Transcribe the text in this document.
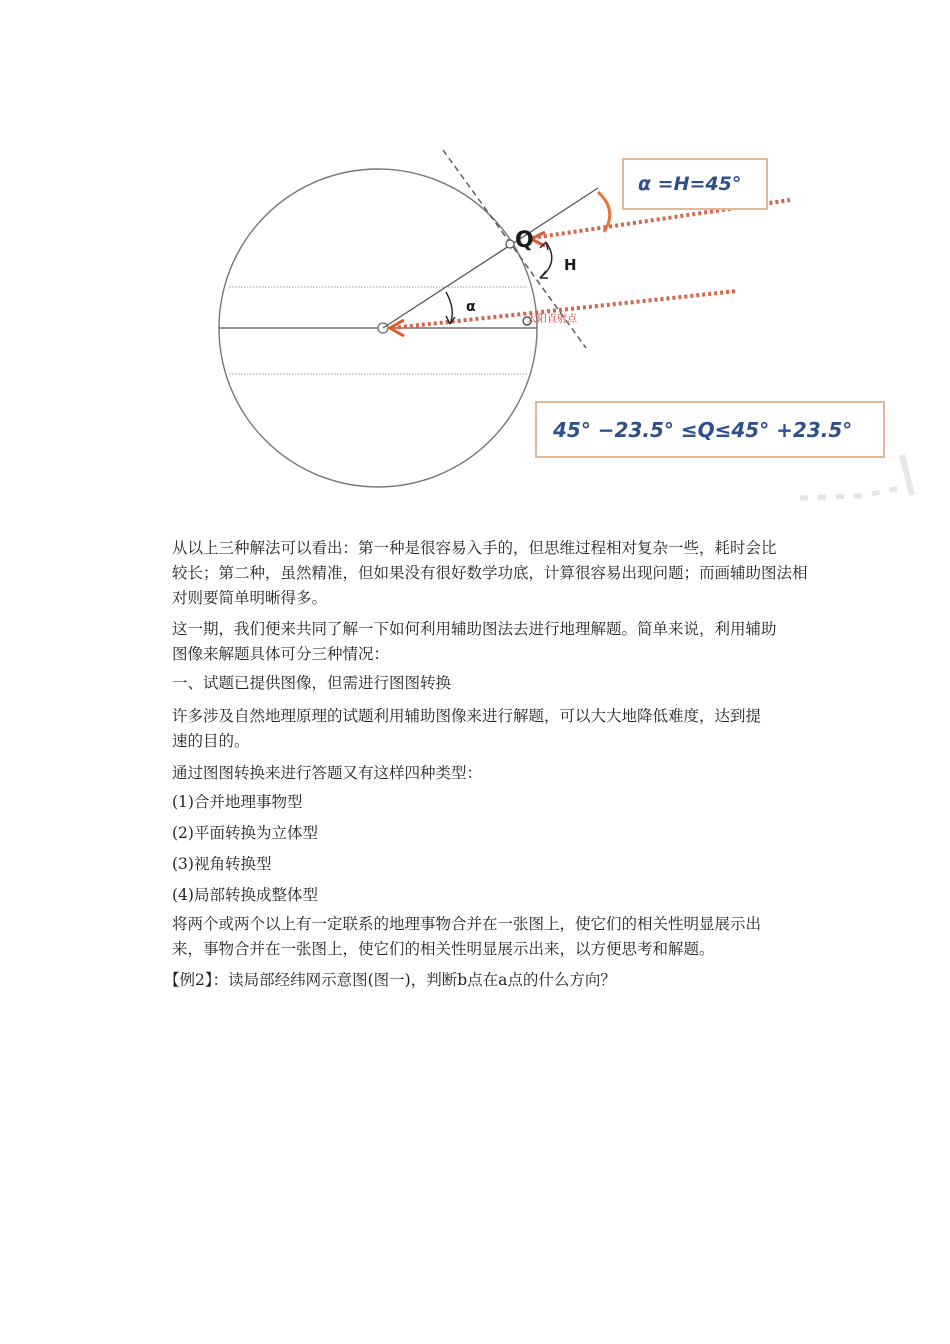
α =H=45°
45° −23.5° ≤Q≤45° +23.5°
Q
H
α
太阳直射点

从以上三种解法可以看出：第一种是很容易入手的，但思维过程相对复杂一些，耗时会比

较长；第二种，虽然精准，但如果没有很好数学功底，计算很容易出现问题；而画辅助图法相对则要简单明晰得多。

这一期，我们便来共同了解一下如何利用辅助图法去进行地理解题。简单来说，利用辅助

图像来解题具体可分三种情况：

一、试题已提供图像，但需进行图图转换

许多涉及自然地理原理的试题利用辅助图像来进行解题，可以大大地降低难度，达到提

速的目的。

通过图图转换来进行答题又有这样四种类型：

(1)合并地理事物型

(2)平面转换为立体型

(3)视角转换型

(4)局部转换成整体型

将两个或两个以上有一定联系的地理事物合并在一张图上，使它们的相关性明显展示出

来，事物合并在一张图上，使它们的相关性明显展示出来，以方便思考和解题。

【例2】：读局部经纬网示意图(图一)，判断b点在a点的什么方向？
